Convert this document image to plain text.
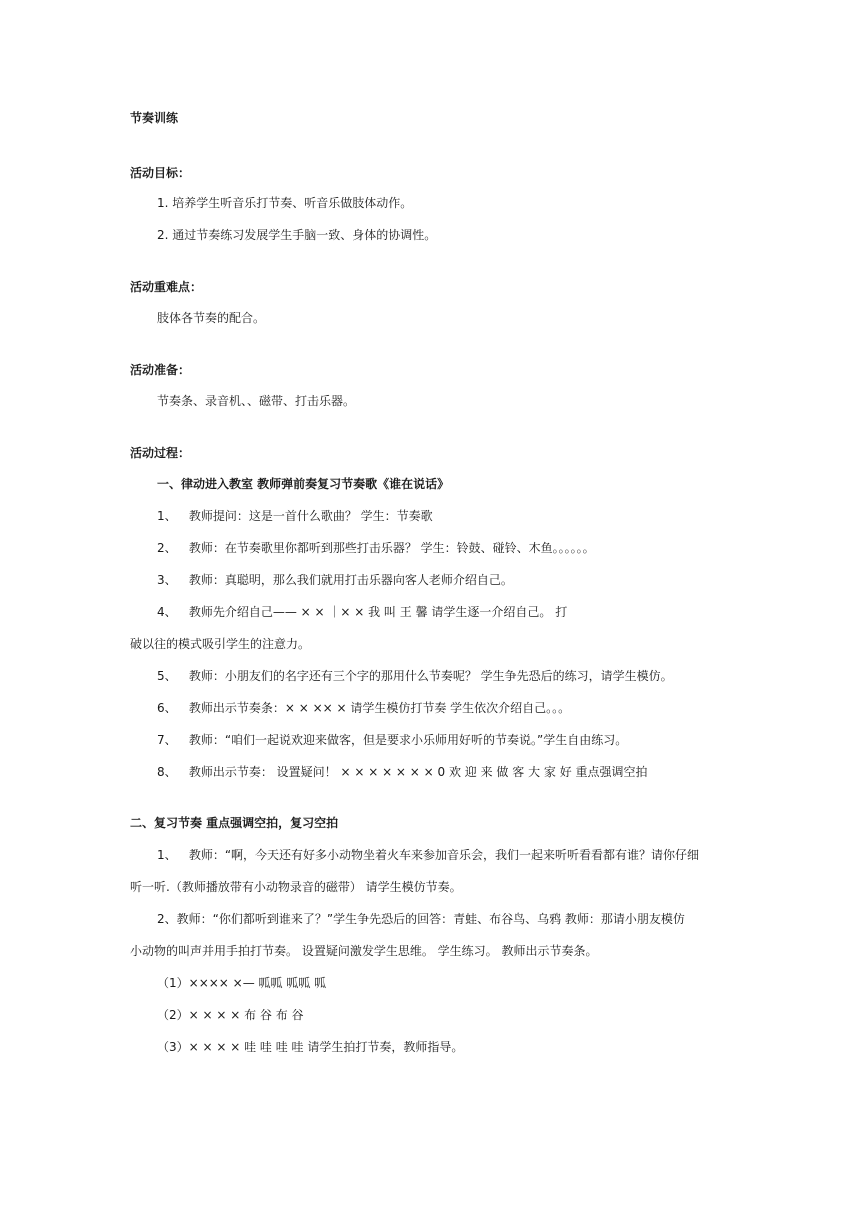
节奏训练
活动目标：
1. 培养学生听音乐打节奏、听音乐做肢体动作。
2. 通过节奏练习发展学生手脑一致、身体的协调性。
活动重难点：
肢体各节奏的配合。
活动准备：
节奏条、录音机、、磁带、打击乐器。
活动过程：
一、律动进入教室 教师弹前奏复习节奏歌《谁在说话》
1、 教师提问：这是一首什么歌曲？ 学生：节奏歌
2、 教师：在节奏歌里你都听到那些打击乐器？ 学生：铃鼓、碰铃、木鱼。。。。。。
3、 教师：真聪明，那么我们就用打击乐器向客人老师介绍自己。
4、 教师先介绍自己—— × × ｜× × 我 叫 王 馨 请学生逐一介绍自己。 打
破以往的模式吸引学生的注意力。
5、 教师：小朋友们的名字还有三个字的那用什么节奏呢？ 学生争先恐后的练习，请学生模仿。
6、 教师出示节奏条：× × ×× × 请学生模仿打节奏 学生依次介绍自己。。。
7、 教师：“咱们一起说欢迎来做客，但是要求小乐师用好听的节奏说。”学生自由练习。
8、 教师出示节奏： 设置疑问！ × × × × × × × 0 欢 迎 来 做 客 大 家 好 重点强调空拍
二、复习节奏 重点强调空拍，复习空拍
1、 教师：“啊，今天还有好多小动物坐着火车来参加音乐会，我们一起来听听看看都有谁？请你仔细
听一听.（教师播放带有小动物录音的磁带） 请学生模仿节奏。
2、教师：“你们都听到谁来了？”学生争先恐后的回答：青蛙、布谷鸟、乌鸦 教师：那请小朋友模仿
小动物的叫声并用手拍打节奏。 设置疑问激发学生思维。 学生练习。 教师出示节奏条。
（1）×××× ×— 呱呱 呱呱 呱
（2）× × × × 布 谷 布 谷
（3）× × × × 哇 哇 哇 哇 请学生拍打节奏，教师指导。
